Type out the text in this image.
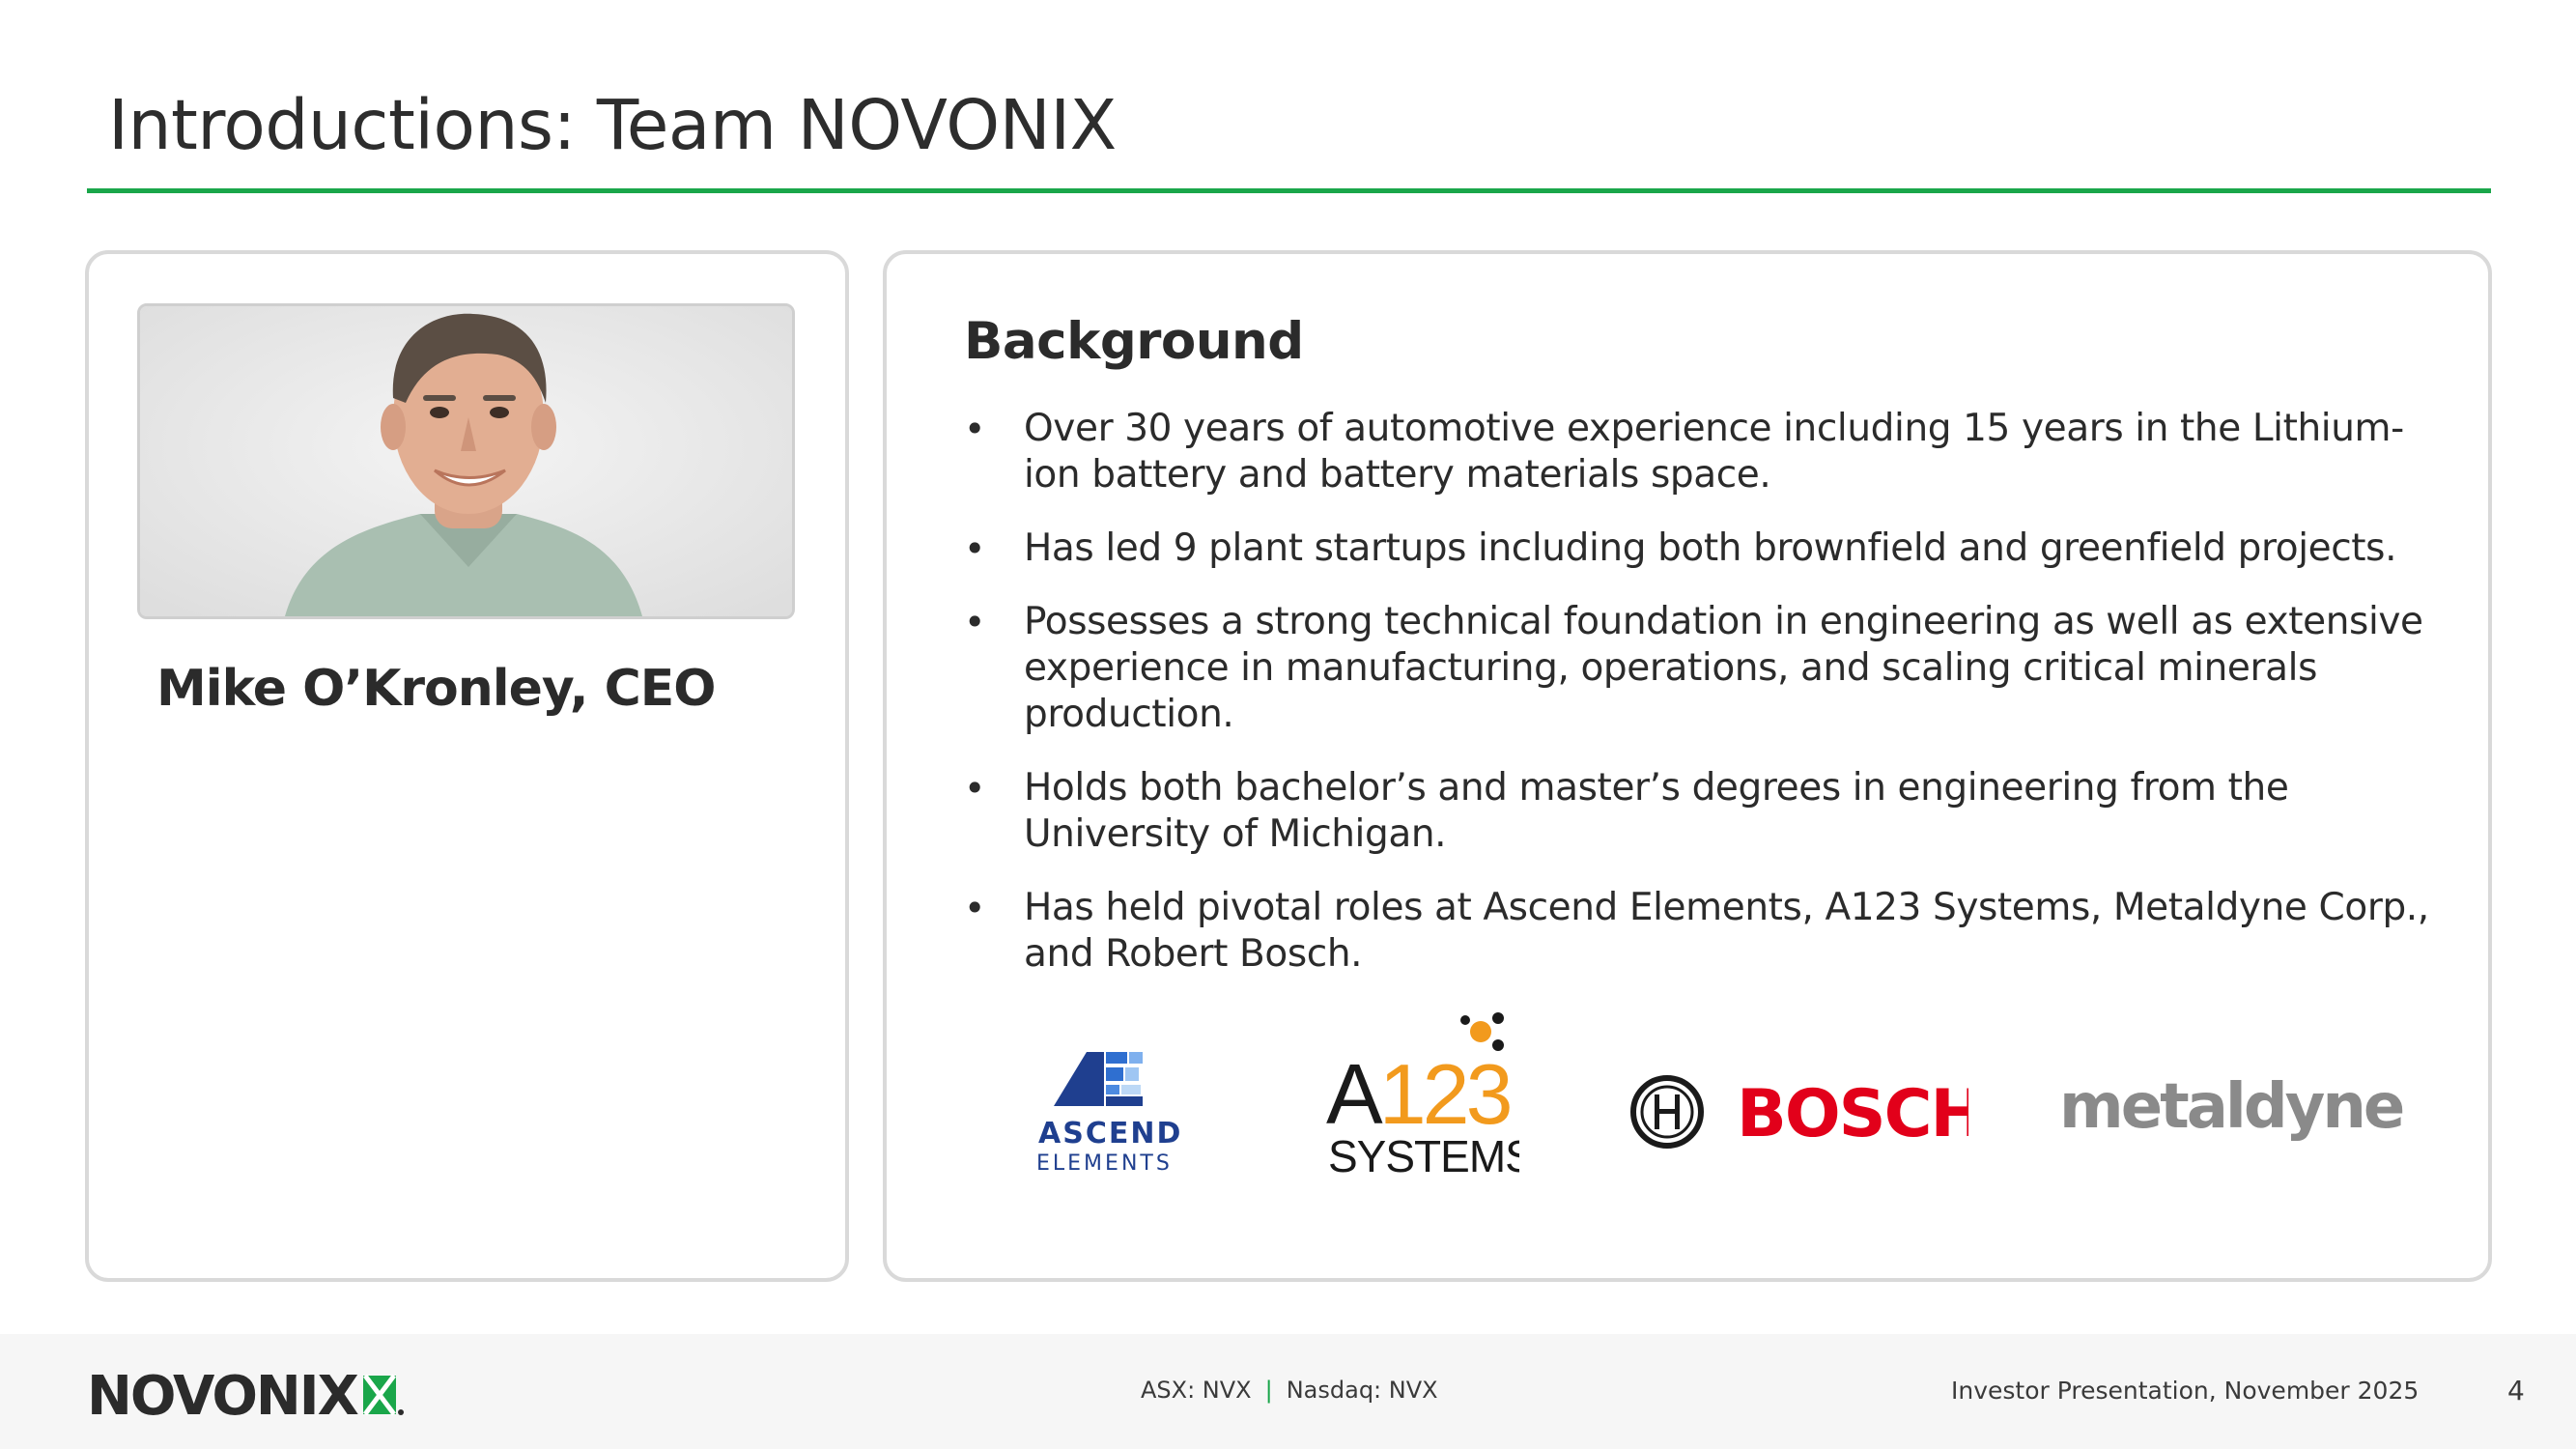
Introductions: Team NOVONIX
Mike O’Kronley, CEO
Background
• Over 30 years of automotive experience including 15 years in the Lithium-ion battery and battery materials space.
• Has led 9 plant startups including both brownfield and greenfield projects.
• Possesses a strong technical foundation in engineering as well as extensive experience in manufacturing, operations, and scaling critical minerals production.
• Holds both bachelor’s and master’s degrees in engineering from the University of Michigan.
• Has held pivotal roles at Ascend Elements, A123 Systems, Metaldyne Corp., and Robert Bosch.
ASCEND
ELEMENTS
A123
SYSTEMS
BOSCH metaldyne
NOVONIX	ASX: NVX | Nasdaq: NVX	Investor Presentation, November 2025	4
